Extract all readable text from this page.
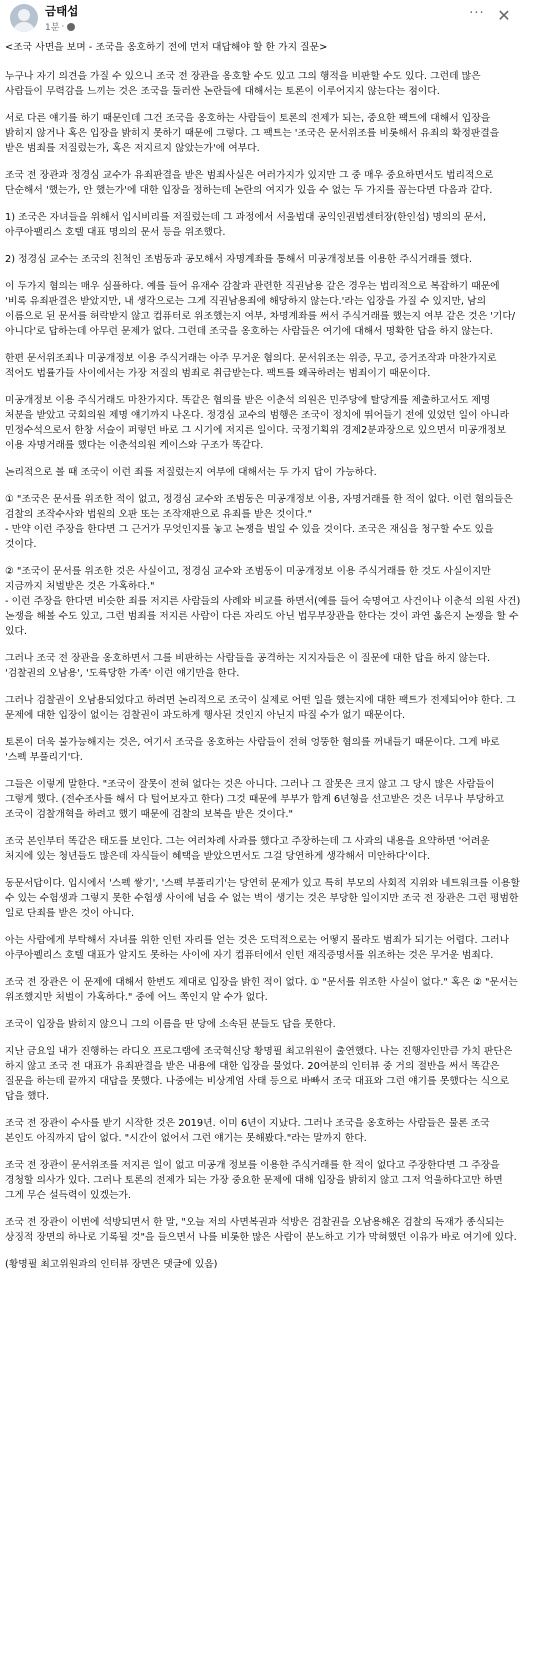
금태섭
1분 ·
··· ✕

<조국 사면을 보며 - 조국을 옹호하기 전에 먼저 대답해야 할 한 가지 질문>

누구나 자기 의견을 가질 수 있으니 조국 전 장관을 옹호할 수도 있고 그의 행적을 비판할 수도 있다. 그런데 많은 사람들이 무력감을 느끼는 것은 조국을 둘러싼 논란들에 대해서는 토론이 이루어지지 않는다는 점이다.

서로 다른 얘기를 하기 때문인데 그건 조국을 옹호하는 사람들이 토론의 전제가 되는, 중요한 팩트에 대해서 입장을 밝히지 않거나 혹은 입장을 밝히지 못하기 때문에 그렇다. 그 팩트는 '조국은 문서위조를 비롯해서 유죄의 확정판결을 받은 범죄를 저질렀는가, 혹은 저지르지 않았는가'에 여부다.

조국 전 장관과 정경심 교수가 유죄판결을 받은 범죄사실은 여러가지가 있지만 그 중 매우 중요하면서도 법리적으로 단순해서 '했는가, 안 했는가'에 대한 입장을 정하는데 논란의 여지가 있을 수 없는 두 가지를 꼽는다면 다음과 같다.

1) 조국은 자녀들을 위해서 입시비리를 저질렀는데 그 과정에서 서울법대 공익인권법센터장(한인섭) 명의의 문서, 아쿠아팰리스 호텔 대표 명의의 문서 등을 위조했다.

2) 정경심 교수는 조국의 친척인 조범동과 공모해서 자명계좌를 통해서 미공개정보를 이용한 주식거래를 했다.

이 두가지 혐의는 매우 심플하다. 예를 들어 유재수 감찰과 관련한 직권남용 같은 경우는 법리적으로 복잡하기 때문에 '비록 유죄판결은 받았지만, 내 생각으로는 그게 직권남용죄에 해당하지 않는다.'라는 입장을 가질 수 있지만, 남의 이름으로 된 문서를 허락받지 않고 컴퓨터로 위조했는지 여부, 차명계좌를 써서 주식거래를 했는지 여부 같은 것은 '기다/아니다'로 답하는데 아무런 문제가 없다. 그런데 조국을 옹호하는 사람들은 여기에 대해서 명확한 답을 하지 않는다.

한편 문서위조죄나 미공개정보 이용 주식거래는 아주 무거운 혐의다. 문서위조는 위증, 무고, 증거조작과 마찬가지로 적어도 법률가들 사이에서는 가장 저질의 범죄로 취급받는다. 팩트를 왜곡하려는 범죄이기 때문이다.

미공개정보 이용 주식거래도 마찬가지다. 똑같은 혐의를 받은 이춘석 의원은 민주당에 탈당계를 제출하고서도 제명 처분을 받았고 국회의원 제명 얘기까지 나온다. 정경심 교수의 범행은 조국이 정치에 뛰어들기 전에 있었던 일이 아니라 민정수석으로서 한창 서슬이 퍼렇던 바로 그 시기에 저지른 일이다. 국정기획위 경제2분과장으로 있으면서 미공개정보 이용 자명거래를 했다는 이춘석의원 케이스와 구조가 똑같다.

논리적으로 볼 때 조국이 이런 죄를 저질렀는지 여부에 대해서는 두 가지 답이 가능하다.

① "조국은 문서를 위조한 적이 없고, 정경심 교수와 조범동은 미공개정보 이용, 자명거래를 한 적이 없다. 이런 혐의들은 검찰의 조작수사와 법원의 오판 또는 조작재판으로 유죄를 받은 것이다."
- 만약 이런 주장을 한다면 그 근거가 무엇인지를 놓고 논쟁을 벌일 수 있을 것이다. 조국은 재심을 청구할 수도 있을 것이다.

② "조국이 문서를 위조한 것은 사실이고, 정경심 교수와 조범동이 미공개정보 이용 주식거래를 한 것도 사실이지만 지금까지 처벌받은 것은 가혹하다."
- 이런 주장을 한다면 비슷한 죄를 저지른 사람들의 사례와 비교를 하면서(예를 들어 숙명여고 사건이나 이춘석 의원 사건) 논쟁을 해볼 수도 있고, 그런 범죄를 저지른 사람이 다른 자리도 아닌 법무부장관을 한다는 것이 과연 옳은지 논쟁을 할 수 있다.

그러나 조국 전 장관을 옹호하면서 그를 비판하는 사람들을 공격하는 지지자들은 이 질문에 대한 답을 하지 않는다. '검찰권의 오남용', '도륙당한 가족' 이런 얘기만을 한다.

그러나 검찰권이 오남용되었다고 하려면 논리적으로 조국이 실제로 어떤 일을 했는지에 대한 팩트가 전제되어야 한다. 그 문제에 대한 입장이 없이는 검찰권이 과도하게 행사된 것인지 아닌지 따질 수가 없기 때문이다.

토론이 더욱 불가능해지는 것은, 여기서 조국을 옹호하는 사람들이 전혀 엉뚱한 혐의를 꺼내들기 때문이다. 그게 바로 '스펙 부풀리기'다.

그들은 이렇게 말한다. "조국이 잘못이 전혀 없다는 것은 아니다. 그러나 그 잘못은 크지 않고 그 당시 많은 사람들이 그렇게 했다. (전수조사를 해서 다 털어보자고 한다) 그것 때문에 부부가 합계 6년형을 선고받은 것은 너무나 부당하고 조국이 검찰개혁을 하려고 했기 때문에 검찰의 보복을 받은 것이다."

조국 본인부터 똑같은 태도를 보인다. 그는 여러차례 사과를 했다고 주장하는데 그 사과의 내용을 요약하면 '어려운 처지에 있는 청년들도 많은데 자식들이 혜택을 받았으면서도 그걸 당연하게 생각해서 미안하다'이다.

동문서답이다. 입시에서 '스펙 쌓기', '스펙 부풀리기'는 당연히 문제가 있고 특히 부모의 사회적 지위와 네트워크를 이용할 수 있는 수험생과 그렇지 못한 수험생 사이에 넘을 수 없는 벽이 생기는 것은 부당한 일이지만 조국 전 장관은 그런 평범한 일로 단죄를 받은 것이 아니다.

아는 사람에게 부탁해서 자녀를 위한 인턴 자리를 얻는 것은 도덕적으로는 어떻지 몰라도 범죄가 되기는 어렵다. 그러나 아쿠아펠리스 호텔 대표가 알지도 못하는 사이에 자기 컴퓨터에서 인턴 재직증명서를 위조하는 것은 무거운 범죄다.

조국 전 장관은 이 문제에 대해서 한번도 제대로 입장을 밝힌 적이 없다. ① "문서를 위조한 사실이 없다." 혹은 ② "문서는 위조했지만 처벌이 가혹하다." 중에 어느 쪽인지 알 수가 없다.

조국이 입장을 밝히지 않으니 그의 이름을 딴 당에 소속된 분들도 답을 못한다.

지난 금요일 내가 진행하는 라디오 프로그램에 조국혁신당 황명필 최고위원이 출연했다. 나는 진행자인만큼 가치 판단은 하지 않고 조국 전 대표가 유죄판결을 받은 내용에 대한 입장을 물었다. 20여분의 인터뷰 중 거의 절반을 써서 똑같은 질문을 하는데 끝까지 대답을 못했다. 나중에는 비상계엄 사태 등으로 바빠서 조국 대표와 그런 얘기를 못했다는 식으로 답을 했다.

조국 전 장관이 수사를 받기 시작한 것은 2019년. 이미 6년이 지났다. 그러나 조국을 옹호하는 사람들은 물론 조국 본인도 아직까지 답이 없다. "시간이 없어서 그런 얘기는 못해봤다."라는 말까지 한다.

조국 전 장관이 문서위조를 저지른 일이 없고 미공개 정보를 이용한 주식거래를 한 적이 없다고 주장한다면 그 주장을 경청할 의사가 있다. 그러나 토론의 전제가 되는 가장 중요한 문제에 대해 입장을 밝히지 않고 그저 억울하다고만 하면 그게 무슨 설득력이 있겠는가.

조국 전 장관이 이번에 석방되면서 한 말, "오늘 저의 사면복권과 석방은 검찰권을 오남용해온 검찰의 독재가 종식되는 상징적 장면의 하나로 기록될 것"을 들으면서 나를 비롯한 많은 사람이 분노하고 기가 막혀했던 이유가 바로 여기에 있다.

(황명필 최고위원과의 인터뷰 장면은 댓글에 있음)
